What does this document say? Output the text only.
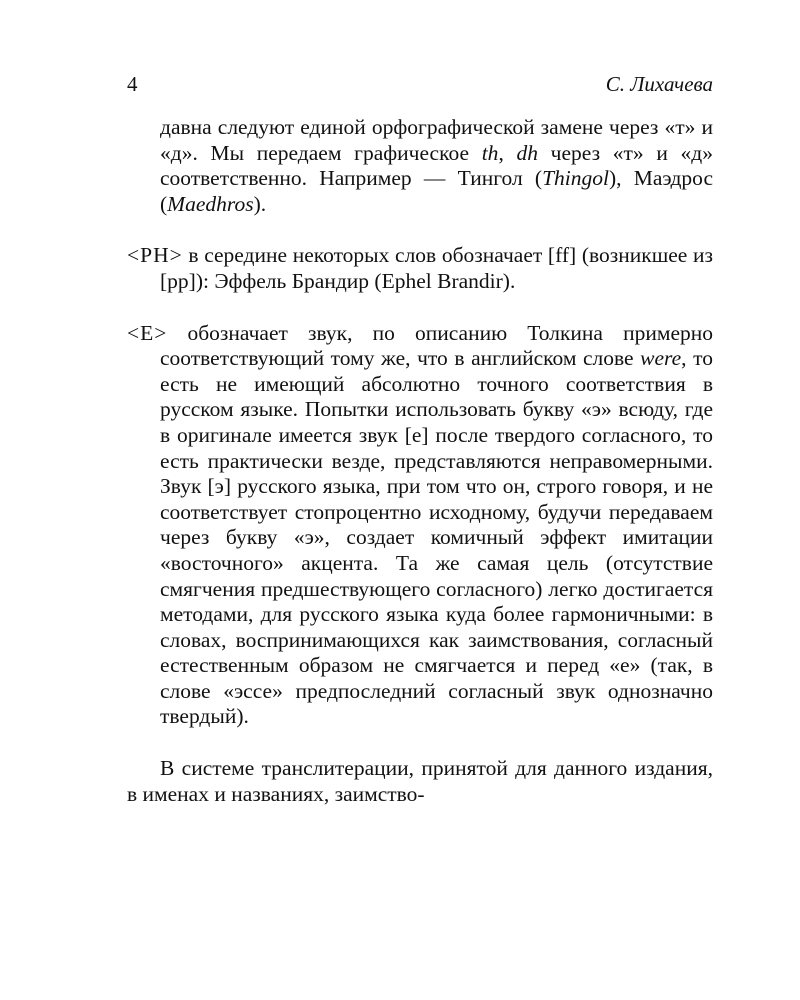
4	С. Лихачева

давна следуют единой орфографической замене через «т» и «д». Мы передаем графическое th, dh через «т» и «д» соответственно. Например — Тингол (Thingol), Маэдрос (Maedhros).

<PH> в середине некоторых слов обозначает [ff] (возникшее из [pp]): Эффель Брандир (Ephel Brandir).

<E> обозначает звук, по описанию Толкина примерно соответствующий тому же, что в английском слове were, то есть не имеющий абсолютно точного соответствия в русском языке. Попытки использовать букву «э» всюду, где в оригинале имеется звук [e] после твердого согласного, то есть практически везде, представляются неправомерными. Звук [э] русского языка, при том что он, строго говоря, и не соответствует стопроцентно исходному, будучи передаваем через букву «э», создает комичный эффект имитации «восточного» акцента. Та же самая цель (отсутствие смягчения предшествующего согласного) легко достигается методами, для русского языка куда более гармоничными: в словах, воспринимающихся как заимствования, согласный естественным образом не смягчается и перед «е» (так, в слове «эссе» предпоследний согласный звук однозначно твердый).

В системе транслитерации, принятой для данного издания, в именах и названиях, заимство-
